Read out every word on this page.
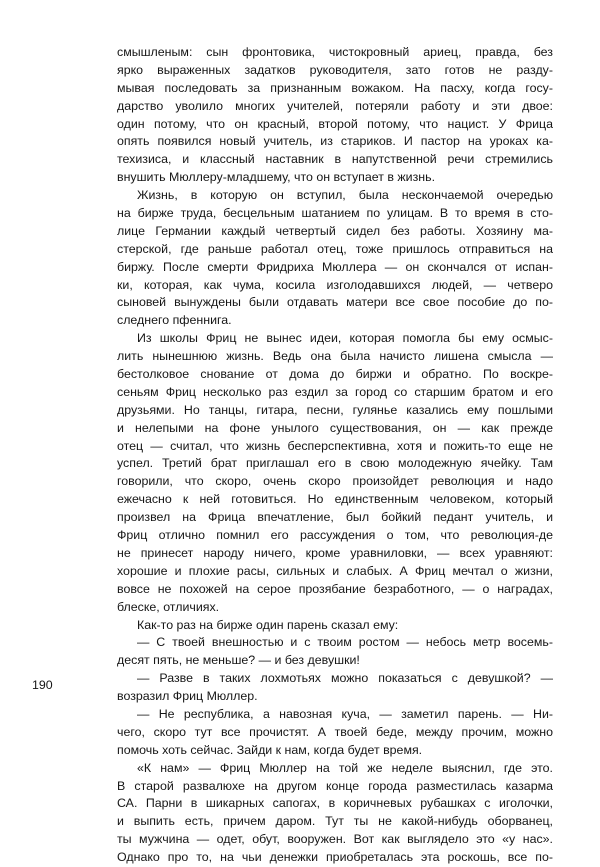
смышленым: сын фронтовика, чистокровный ариец, правда, без
ярко выраженных задатков руководителя, зато готов не разду-
мывая последовать за признанным вожаком. На пасху, когда госу-
дарство уволило многих учителей, потеряли работу и эти двое:
один потому, что он красный, второй потому, что нацист. У Фрица
опять появился новый учитель, из стариков. И пастор на уроках ка-
техизиса, и классный наставник в напутственной речи стремились
внушить Мюллеру-младшему, что он вступает в жизнь.
Жизнь, в которую он вступил, была нескончаемой очередью
на бирже труда, бесцельным шатанием по улицам. В то время в сто-
лице Германии каждый четвертый сидел без работы. Хозяину ма-
стерской, где раньше работал отец, тоже пришлось отправиться на
биржу. После смерти Фридриха Мюллера — он скончался от испан-
ки, которая, как чума, косила изголодавшихся людей, — четверо
сыновей вынуждены были отдавать матери все свое пособие до по-
следнего пфеннига.
Из школы Фриц не вынес идеи, которая помогла бы ему осмыс-
лить нынешнюю жизнь. Ведь она была начисто лишена смысла —
бестолковое снование от дома до биржи и обратно. По воскре-
сеньям Фриц несколько раз ездил за город со старшим братом и его
друзьями. Но танцы, гитара, песни, гулянье казались ему пошлыми
и нелепыми на фоне унылого существования, он — как прежде
отец — считал, что жизнь бесперспективна, хотя и пожить-то еще не
успел. Третий брат приглашал его в свою молодежную ячейку. Там
говорили, что скоро, очень скоро произойдет революция и надо
ежечасно к ней готовиться. Но единственным человеком, который
произвел на Фрица впечатление, был бойкий педант учитель, и
Фриц отлично помнил его рассуждения о том, что революция-де
не принесет народу ничего, кроме уравниловки, — всех уравняют:
хорошие и плохие расы, сильных и слабых. А Фриц мечтал о жизни,
вовсе не похожей на серое прозябание безработного, — о наградах,
блеске, отличиях.
Как-то раз на бирже один парень сказал ему:
— С твоей внешностью и с твоим ростом — небось метр восемь-
десят пять, не меньше? — и без девушки!
— Разве в таких лохмотьях можно показаться с девушкой? —
возразил Фриц Мюллер.
— Не республика, а навозная куча, — заметил парень. — Ни-
чего, скоро тут все прочистят. А твоей беде, между прочим, можно
помочь хоть сейчас. Зайди к нам, когда будет время.
«К нам» — Фриц Мюллер на той же неделе выяснил, где это.
В старой развалюхе на другом конце города разместилась казарма
СА. Парни в шикарных сапогах, в коричневых рубашках с иголочки,
и выпить есть, причем даром. Тут ты не какой-нибудь оборванец,
ты мужчина — одет, обут, вооружен. Вот как выглядело это «у нас».
Однако про то, на чьи денежки приобреталась эта роскошь, все по-
190
